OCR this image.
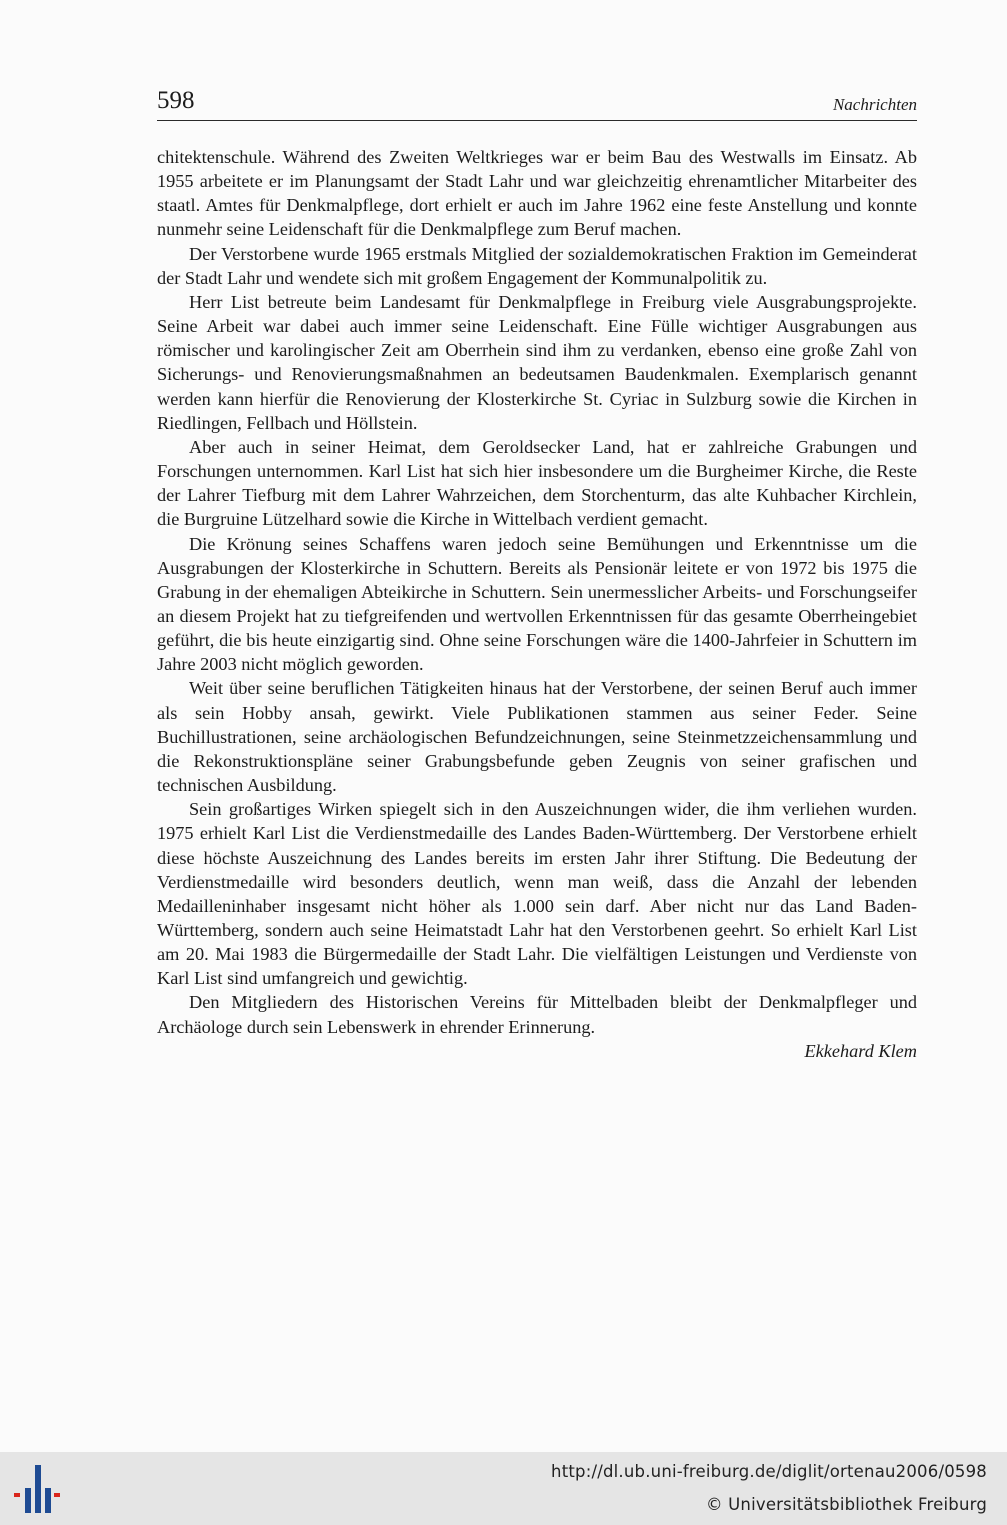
598	Nachrichten

chitektenschule. Während des Zweiten Weltkrieges war er beim Bau des Westwalls im Einsatz. Ab 1955 arbeitete er im Planungsamt der Stadt Lahr und war gleichzeitig ehrenamtlicher Mitarbeiter des staatl. Amtes für Denkmalpflege, dort erhielt er auch im Jahre 1962 eine feste Anstellung und konnte nunmehr seine Leidenschaft für die Denkmalpflege zum Beruf machen.

Der Verstorbene wurde 1965 erstmals Mitglied der sozialdemokratischen Fraktion im Gemeinderat der Stadt Lahr und wendete sich mit großem Engagement der Kommunalpolitik zu.

Herr List betreute beim Landesamt für Denkmalpflege in Freiburg viele Ausgrabungsprojekte. Seine Arbeit war dabei auch immer seine Leidenschaft. Eine Fülle wichtiger Ausgrabungen aus römischer und karolingischer Zeit am Oberrhein sind ihm zu verdanken, ebenso eine große Zahl von Sicherungs- und Renovierungsmaßnahmen an bedeutsamen Baudenkmalen. Exemplarisch genannt werden kann hierfür die Renovierung der Klosterkirche St. Cyriac in Sulzburg sowie die Kirchen in Riedlingen, Fellbach und Höllstein.

Aber auch in seiner Heimat, dem Geroldsecker Land, hat er zahlreiche Grabungen und Forschungen unternommen. Karl List hat sich hier insbesondere um die Burgheimer Kirche, die Reste der Lahrer Tiefburg mit dem Lahrer Wahrzeichen, dem Storchenturm, das alte Kuhbacher Kirchlein, die Burgruine Lützelhard sowie die Kirche in Wittelbach verdient gemacht.

Die Krönung seines Schaffens waren jedoch seine Bemühungen und Erkenntnisse um die Ausgrabungen der Klosterkirche in Schuttern. Bereits als Pensionär leitete er von 1972 bis 1975 die Grabung in der ehemaligen Abteikirche in Schuttern. Sein unermesslicher Arbeits- und Forschungseifer an diesem Projekt hat zu tiefgreifenden und wertvollen Erkenntnissen für das gesamte Oberrheingebiet geführt, die bis heute einzigartig sind. Ohne seine Forschungen wäre die 1400-Jahrfeier in Schuttern im Jahre 2003 nicht möglich geworden.

Weit über seine beruflichen Tätigkeiten hinaus hat der Verstorbene, der seinen Beruf auch immer als sein Hobby ansah, gewirkt. Viele Publikationen stammen aus seiner Feder. Seine Buchillustrationen, seine archäologischen Befundzeichnungen, seine Steinmetzzeichensammlung und die Rekonstruktionspläne seiner Grabungsbefunde geben Zeugnis von seiner grafischen und technischen Ausbildung.

Sein großartiges Wirken spiegelt sich in den Auszeichnungen wider, die ihm verliehen wurden. 1975 erhielt Karl List die Verdienstmedaille des Landes Baden-Württemberg. Der Verstorbene erhielt diese höchste Auszeichnung des Landes bereits im ersten Jahr ihrer Stiftung. Die Bedeutung der Verdienstmedaille wird besonders deutlich, wenn man weiß, dass die Anzahl der lebenden Medailleninhaber insgesamt nicht höher als 1.000 sein darf. Aber nicht nur das Land Baden-Württemberg, sondern auch seine Heimatstadt Lahr hat den Verstorbenen geehrt. So erhielt Karl List am 20. Mai 1983 die Bürgermedaille der Stadt Lahr. Die vielfältigen Leistungen und Verdienste von Karl List sind umfangreich und gewichtig.

Den Mitgliedern des Historischen Vereins für Mittelbaden bleibt der Denkmalpfleger und Archäologe durch sein Lebenswerk in ehrender Erinnerung.

Ekkehard Klem

http://dl.ub.uni-freiburg.de/diglit/ortenau2006/0598
© Universitätsbibliothek Freiburg
